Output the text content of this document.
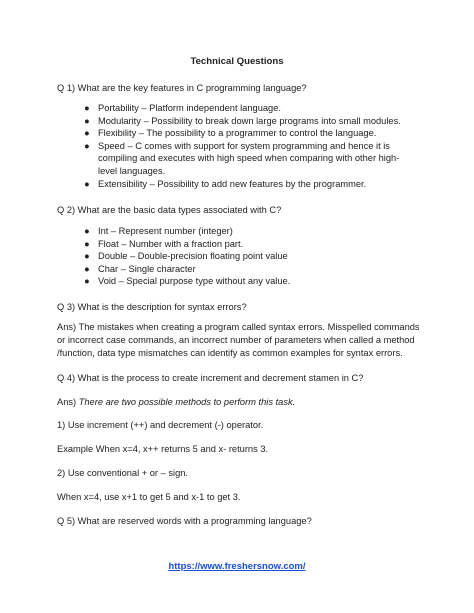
Technical Questions
Q 1) What are the key features in C programming language?
● Portability – Platform independent language.
● Modularity – Possibility to break down large programs into small modules.
● Flexibility – The possibility to a programmer to control the language.
● Speed – C comes with support for system programming and hence it is compiling and executes with high speed when comparing with other high-level languages.
● Extensibility – Possibility to add new features by the programmer.
Q 2) What are the basic data types associated with C?
● Int – Represent number (integer)
● Float – Number with a fraction part.
● Double – Double-precision floating point value
● Char – Single character
● Void – Special purpose type without any value.
Q 3) What is the description for syntax errors?
Ans) The mistakes when creating a program called syntax errors. Misspelled commands or incorrect case commands, an incorrect number of parameters when called a method /function, data type mismatches can identify as common examples for syntax errors.
Q 4) What is the process to create increment and decrement stamen in C?
Ans) There are two possible methods to perform this task.
1) Use increment (++) and decrement (-) operator.
Example When x=4, x++ returns 5 and x- returns 3.
2) Use conventional + or – sign.
When x=4, use x+1 to get 5 and x-1 to get 3.
Q 5) What are reserved words with a programming language?
https://www.freshersnow.com/
